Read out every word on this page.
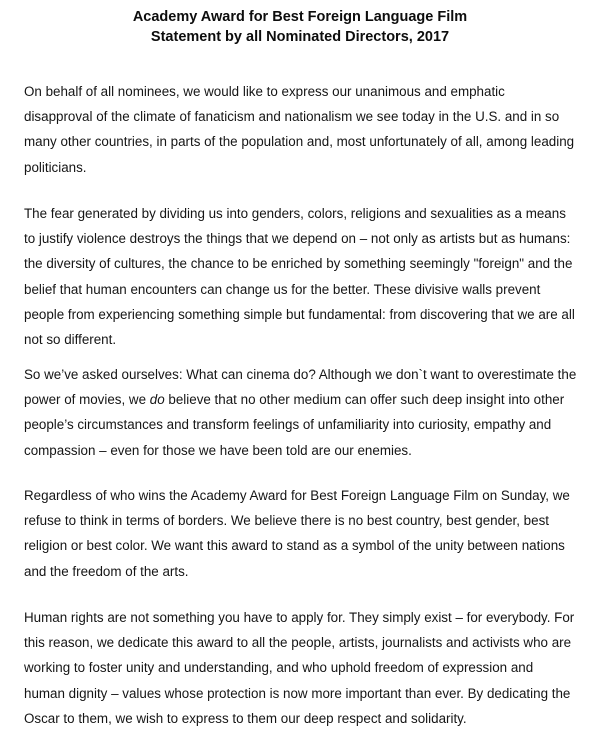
Academy Award for Best Foreign Language Film
Statement by all Nominated Directors, 2017
On behalf of all nominees, we would like to express our unanimous and emphatic
disapproval of the climate of fanaticism and nationalism we see today in the U.S. and in so
many other countries, in parts of the population and, most unfortunately of all, among leading
politicians.
The fear generated by dividing us into genders, colors, religions and sexualities as a means
to justify violence destroys the things that we depend on – not only as artists but as humans:
the diversity of cultures, the chance to be enriched by something seemingly "foreign" and the
belief that human encounters can change us for the better. These divisive walls prevent
people from experiencing something simple but fundamental: from discovering that we are all
not so different.
So we’ve asked ourselves: What can cinema do? Although we don`t want to overestimate the
power of movies, we do believe that no other medium can offer such deep insight into other
people’s circumstances and transform feelings of unfamiliarity into curiosity, empathy and
compassion – even for those we have been told are our enemies.
Regardless of who wins the Academy Award for Best Foreign Language Film on Sunday, we
refuse to think in terms of borders. We believe there is no best country, best gender, best
religion or best color. We want this award to stand as a symbol of the unity between nations
and the freedom of the arts.
Human rights are not something you have to apply for. They simply exist – for everybody. For
this reason, we dedicate this award to all the people, artists, journalists and activists who are
working to foster unity and understanding, and who uphold freedom of expression and
human dignity – values whose protection is now more important than ever. By dedicating the
Oscar to them, we wish to express to them our deep respect and solidarity.
